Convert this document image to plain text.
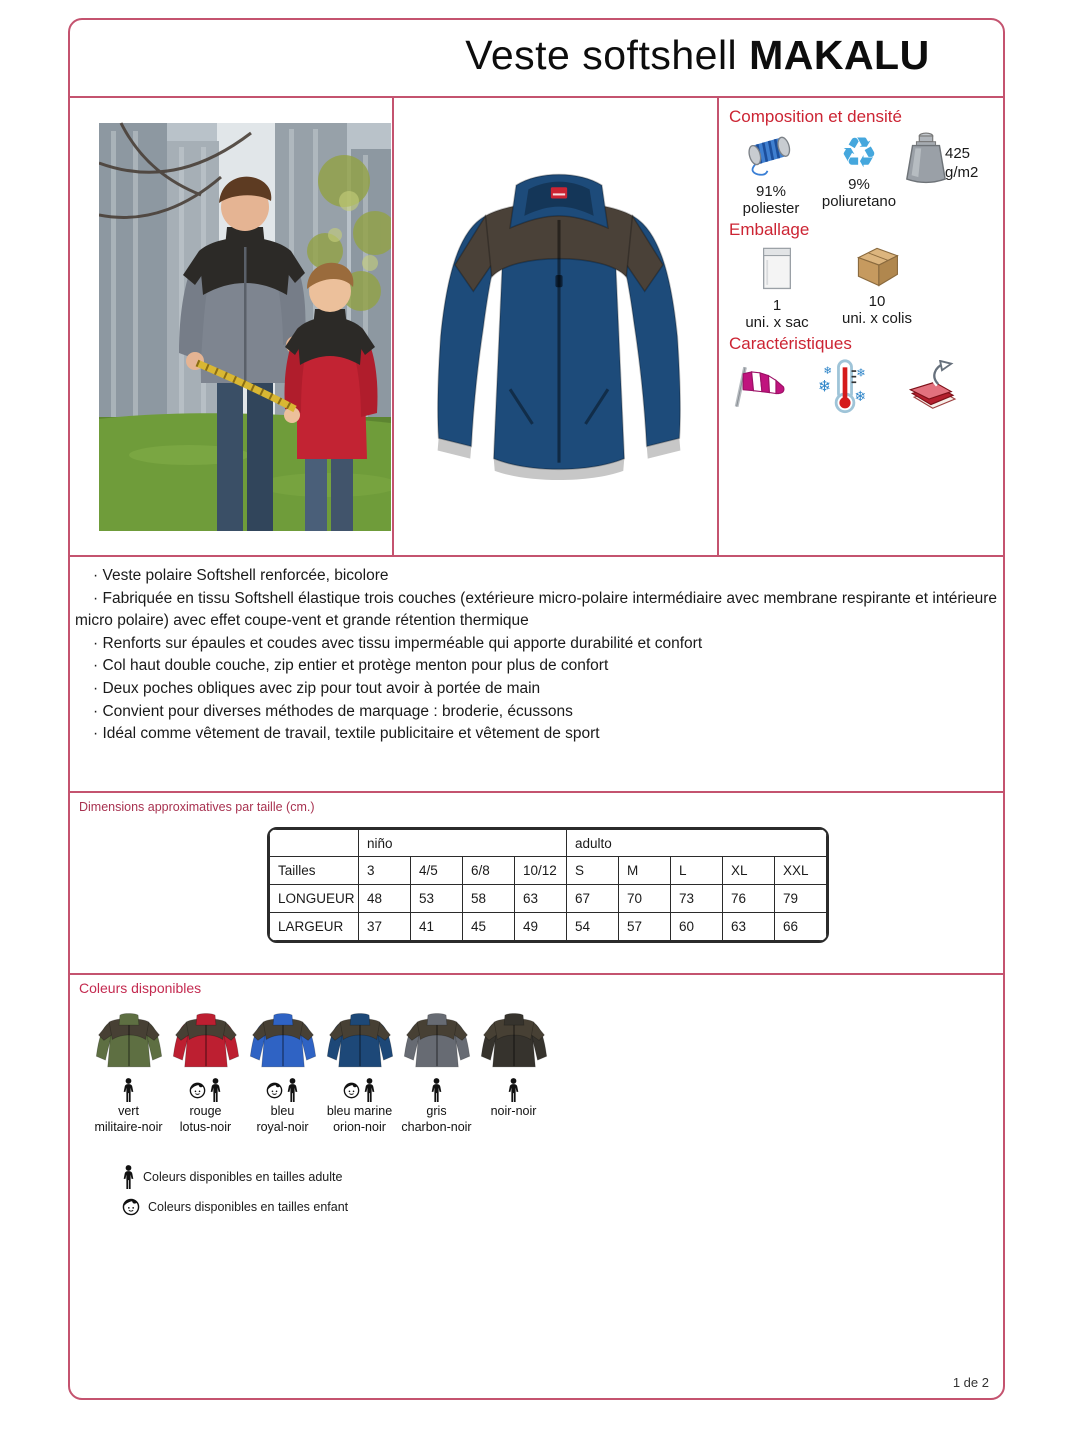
Veste softshell MAKALU
Composition et densité
91%
poliester
♻
9%
poliuretano
425
g/m2
Emballage
1
uni. x sac
10
uni. x colis
Caractéristiques
❄
❄ ❄
❄

· Veste polaire Softshell renforcée, bicolore

· Fabriquée en tissu Softshell élastique trois couches (extérieure micro-polaire intermédiaire avec membrane respirante et intérieure micro polaire) avec effet coupe-vent et grande rétention thermique

· Renforts sur épaules et coudes avec tissu imperméable qui apporte durabilité et confort

· Col haut double couche, zip entier et protège menton pour plus de confort

· Deux poches obliques avec zip pour tout avoir à portée de main

· Convient pour diverses méthodes de marquage : broderie, écussons

· Idéal comme vêtement de travail, textile publicitaire et vêtement de sport

Dimensions approximatives par taille (cm.)
	niño				adulto				
Tailles	3	4/5	6/8	10/12	S	M	L	XL	XXL
LONGUEUR	48	53	58	63	67	70	73	76	79
LARGEUR	37	41	45	49	54	57	60	63	66
Coleurs disponibles
vert
militaire-noir
rouge
lotus-noir
bleu
royal-noir
bleu marine
orion-noir
gris
charbon-noir
noir-noir

Coleurs disponibles en tailles adulte
Coleurs disponibles en tailles enfant
1 de 2
